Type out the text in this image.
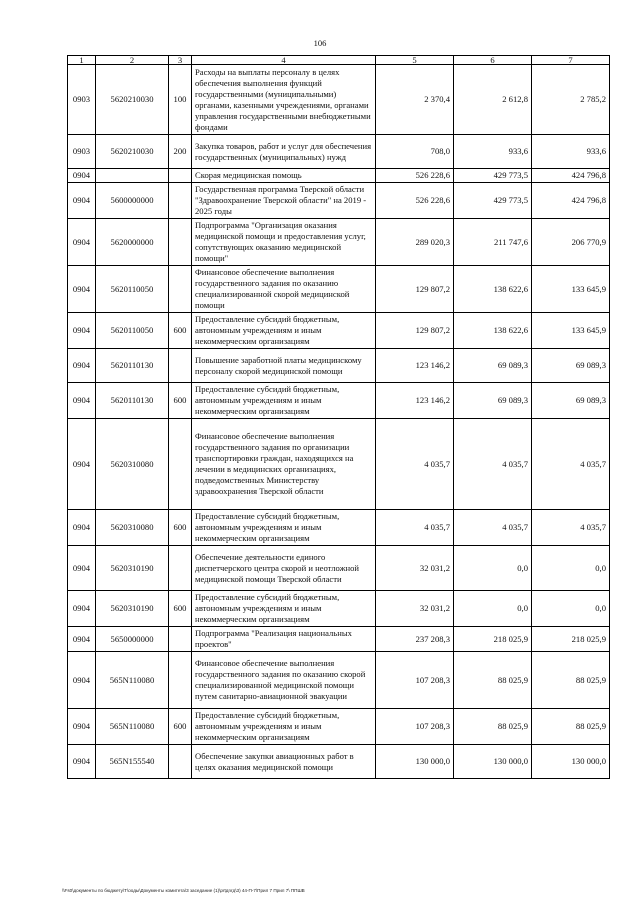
106
1	2	3	4	5	6	7
0903	5620210030	100	Расходы на выплаты персоналу в целях обеспечения выполнения функций государственными (муниципальными) органами, казенными учреждениями, органами управления государственными внебюджетными фондами	2 370,4	2 612,8	2 785,2
0903	5620210030	200	Закупка товаров, работ и услуг для обеспечения государственных (муниципальных) нужд	708,0	933,6	933,6
0904			Скорая медицинская помощь	526 228,6	429 773,5	424 796,8
0904	5600000000		Государственная программа Тверской области "Здравоохранение Тверской области" на 2019 - 2025 годы	526 228,6	429 773,5	424 796,8
0904	5620000000		Подпрограмма "Организация оказания медицинской помощи и предоставления услуг, сопутствующих оказанию медицинской помощи"	289 020,3	211 747,6	206 770,9
0904	5620110050		Финансовое обеспечение выполнения государственного задания по оказанию специализированной скорой медицинской помощи	129 807,2	138 622,6	133 645,9
0904	5620110050	600	Предоставление субсидий бюджетным, автономным учреждениям и иным некоммерческим организациям	129 807,2	138 622,6	133 645,9
0904	5620110130		Повышение заработной платы медицинскому персоналу скорой медицинской помощи	123 146,2	69 089,3	69 089,3
0904	5620110130	600	Предоставление субсидий бюджетным, автономным учреждениям и иным некоммерческим организациям	123 146,2	69 089,3	69 089,3
0904	5620310080		Финансовое обеспечение выполнения государственного задания по организации транспортировки граждан, находящихся на лечении в медицинских организациях, подведомственных Министерству здравоохранения Тверской области	4 035,7	4 035,7	4 035,7
0904	5620310080	600	Предоставление субсидий бюджетным, автономным учреждениям и иным некоммерческим организациям	4 035,7	4 035,7	4 035,7
0904	5620310190		Обеспечение деятельности единого диспетчерского центра скорой и неотложной медицинской помощи Тверской области	32 031,2	0,0	0,0
0904	5620310190	600	Предоставление субсидий бюджетным, автономным учреждениям и иным некоммерческим организациям	32 031,2	0,0	0,0
0904	5650000000		Подпрограмма "Реализация национальных проектов"	237 208,3	218 025,9	218 025,9
0904	565N110080		Финансовое обеспечение выполнения государственного задания по оказанию скорой специализированной медицинской помощи путем санитарно-авиационной эвакуации	107 208,3	88 025,9	88 025,9
0904	565N110080	600	Предоставление субсидий бюджетным, автономным учреждениям и иным некоммерческим организациям	107 208,3	88 025,9	88 025,9
0904	565N155540		Обеспечение закупки авиационных работ в целях оказания медицинской помощи	130 000,0	130 000,0	130 000,0
\\Fs0\документы по бюджету\Т\ооды\Документы комитета\3 заседание (1)\рrtдnrд\3) 44-П-7\Прил 7 Прил 7\ ППШВ
